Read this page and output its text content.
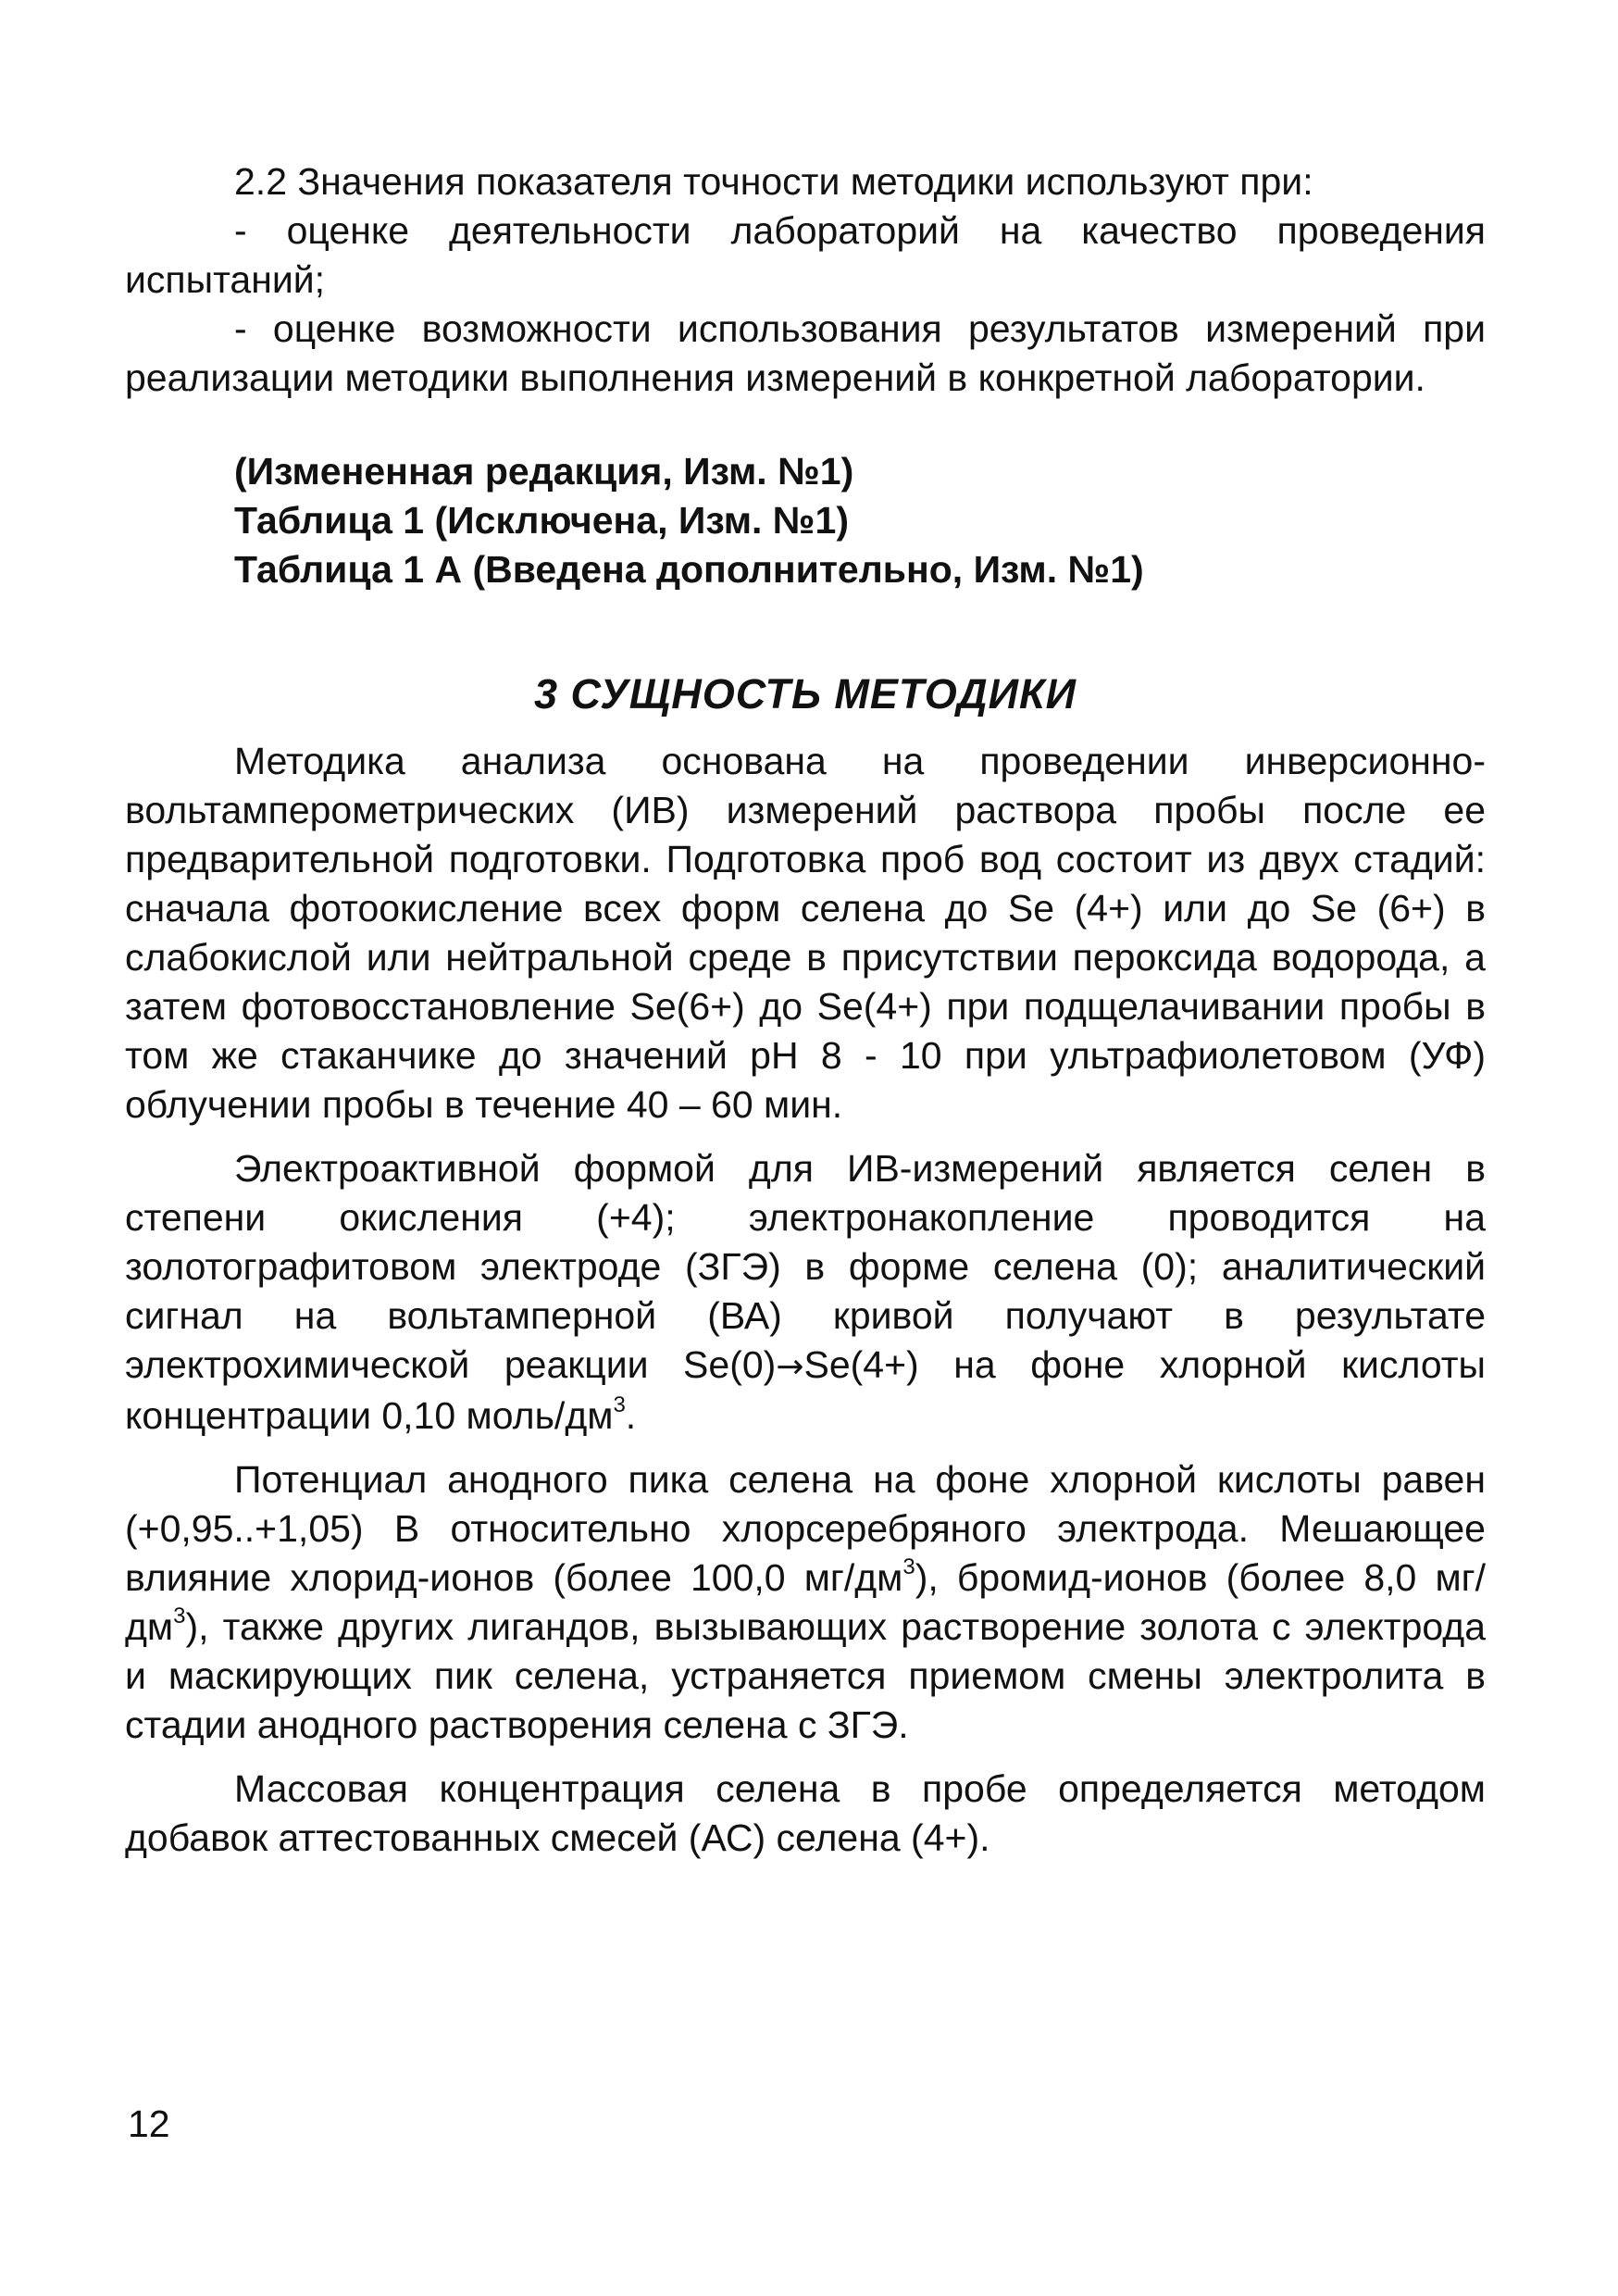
2.2 Значения показателя точности методики используют при:

- оценке деятельности лабораторий на качество проведения испытаний;

- оценке возможности использования результатов измерений при реализации методики выполнения измерений в конкретной лаборатории.

(Измененная редакция, Изм. №1)
Таблица 1 (Исключена, Изм. №1)
Таблица 1 А (Введена дополнительно, Изм. №1)
3 СУЩНОСТЬ МЕТОДИКИ

Методика анализа основана на проведении инверсионно-вольтамперометрических (ИВ) измерений раствора пробы после ее предварительной подготовки. Подготовка проб вод состоит из двух стадий: сначала фотоокисление всех форм селена до Se (4+) или до Se (6+) в слабокислой или нейтральной среде в присутствии пероксида водорода, а затем фотовосстановление Se(6+) до Se(4+) при подщелачивании пробы в том же стаканчике до значений pH 8 - 10 при ультрафиолетовом (УФ) облучении пробы в течение 40 – 60 мин.

Электроактивной формой для ИВ-измерений является селен в степени окисления (+4); электронакопление проводится на золотографитовом электроде (ЗГЭ) в форме селена (0); аналитический сигнал на вольтамперной (ВА) кривой получают в результате электрохимической реакции Se(0)→Se(4+) на фоне хлорной кислоты концентрации 0,10 моль/$дм^3$.

Потенциал анодного пика селена на фоне хлорной кислоты равен (+0,95..+1,05) В относительно хлорсеребряного электрода. Мешающее влияние хлорид-ионов (более 100,0 $мг/дм^3$), бромид-ионов (более 8,0 $мг/дм^3$), также других лигандов, вызывающих растворение золота с электрода и маскирующих пик селена, устраняется приемом смены электролита в стадии анодного растворения селена с ЗГЭ.

Массовая концентрация селена в пробе определяется методом добавок аттестованных смесей (АС) селена (4+).

12
